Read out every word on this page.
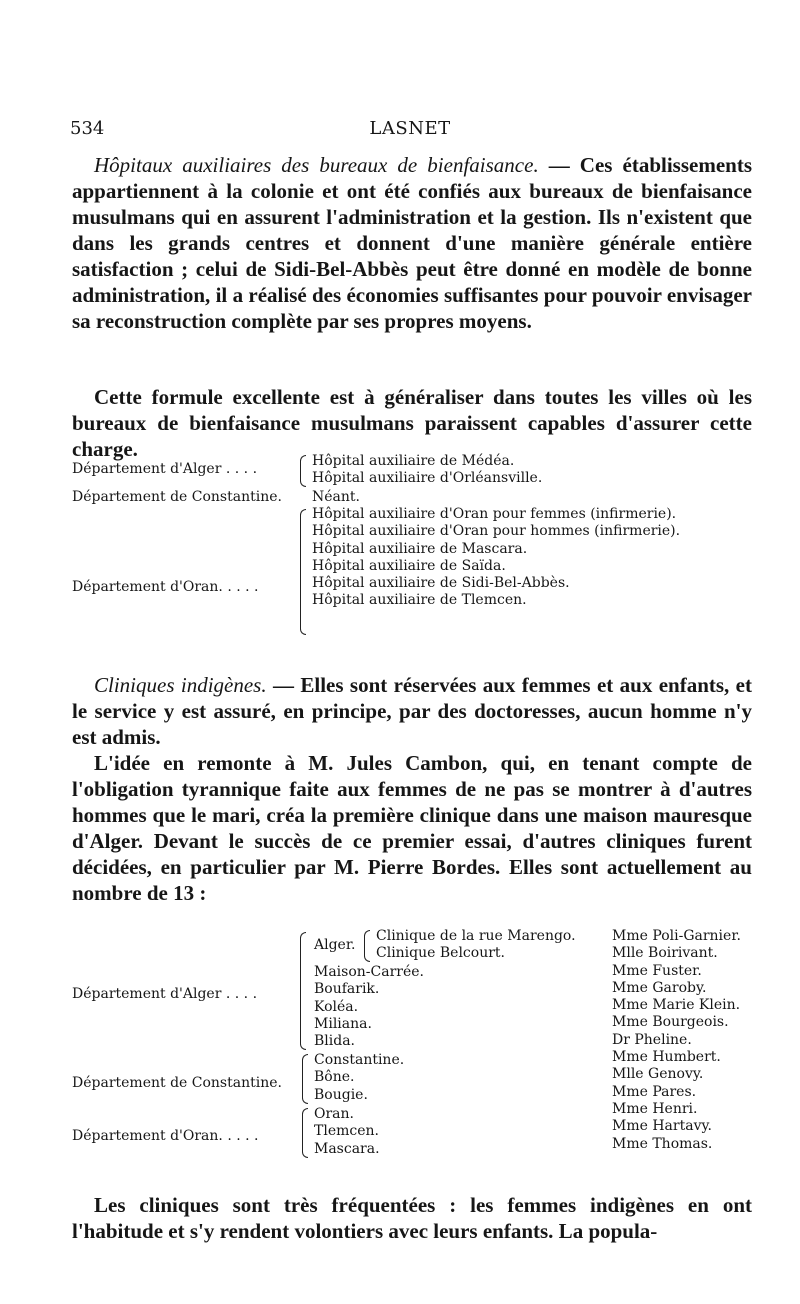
534	LASNET

Hôpitaux auxiliaires des bureaux de bienfaisance. — Ces établissements appartiennent à la colonie et ont été confiés aux bureaux de bienfaisance musulmans qui en assurent l'administration et la gestion. Ils n'existent que dans les grands centres et donnent d'une manière générale entière satisfaction ; celui de Sidi-Bel-Abbès peut être donné en modèle de bonne administration, il a réalisé des économies suffisantes pour pouvoir envisager sa reconstruction complète par ses propres moyens.

Cette formule excellente est à généraliser dans toutes les villes où les bureaux de bienfaisance musulmans paraissent capables d'assurer cette charge.

Département d'Alger . . . .	Hôpital auxiliaire de Médéa.
Hôpital auxiliaire d'Orléansville.
Département de Constantine. Néant.
Département d'Oran. . . . .
Hôpital auxiliaire d'Oran pour femmes (infirmerie).
Hôpital auxiliaire d'Oran pour hommes (infirmerie).
Hôpital auxiliaire de Mascara.
Hôpital auxiliaire de Saïda.
Hôpital auxiliaire de Sidi-Bel-Abbès.
Hôpital auxiliaire de Tlemcen.

Cliniques indigènes. — Elles sont réservées aux femmes et aux enfants, et le service y est assuré, en principe, par des doctoresses, aucun homme n'y est admis.

L'idée en remonte à M. Jules Cambon, qui, en tenant compte de l'obligation tyrannique faite aux femmes de ne pas se montrer à d'autres hommes que le mari, créa la première clinique dans une maison mauresque d'Alger. Devant le succès de ce premier essai, d'autres cliniques furent décidées, en particulier par M. Pierre Bordes. Elles sont actuellement au nombre de 13 :

Département d'Alger . . . .
Alger.
Clinique de la rue Marengo.
Clinique Belcourt.
Maison-Carrée.
Boufarik.
Koléa.
Miliana.
Blida.
Département de Constantine.
Constantine.
Bône.
Bougie.
Département d'Oran. . . . .
Oran.
Tlemcen.
Mascara.
Mme Poli-Garnier.
Mlle Boirivant.
Mme Fuster.
Mme Garoby.
Mme Marie Klein.
Mme Bourgeois.
Dr Pheline.
Mme Humbert.
Mlle Genovy.
Mme Pares.
Mme Henri.
Mme Hartavy.
Mme Thomas.

Les cliniques sont très fréquentées : les femmes indigènes en ont l'habitude et s'y rendent volontiers avec leurs enfants. La popula-
